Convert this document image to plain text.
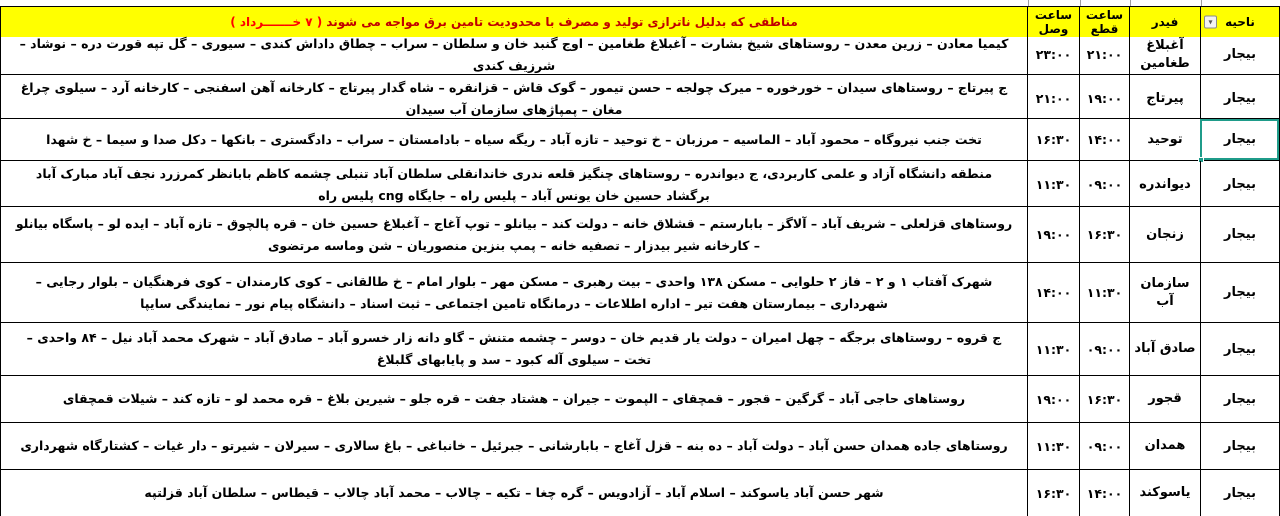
▾	ناحیه
فیدر
ساعت قطع
ساعت وصل
مناطقی که بدلیل ناترازی تولید و مصرف با محدودیت تامین برق مواجه می شوند
( ۷ خـــــــرداد )
بیجار
آغبلاغ طغامین
۲۱:۰۰
۲۳:۰۰
کیمیا معادن – زرین معدن – روستاهای شیخ بشارت – آغبلاغ طغامین – اوج گنبد خان و سلطان – سراب – چطاق داداش کندی – سیوری – گل تپه قورت دره – نوشاد – شرزیف کندی
بیجار
پیرتاج
۱۹:۰۰
۲۱:۰۰
ج پیرتاج – روستاهای سیدان – خورخوره – میرک چولجه – حسن تیمور – گوک قاش – قزانقره – شاه گدار پیرتاج – کارخانه آهن اسفنجی – کارخانه آرد – سیلوی چراغ مغان – پمپاژهای سازمان آب سیدان
بیجار
توحید
۱۴:۰۰
۱۶:۳۰
تخت جنب نیروگاه – محمود آباد – الماسیه – مرزبان – خ توحید – تازه آباد – ریگه سیاه – بادامستان – سراب – دادگستری – بانکها – دکل صدا و سیما – خ شهدا
بیجار
دیواندره
۰۹:۰۰
۱۱:۳۰
منطقه دانشگاه آزاد و علمی کاربردی، ج دیواندره – روستاهای چنگیز قلعه ندری خاندانقلی سلطان آباد تنبلی چشمه کاظم بابانظر کمرزرد نجف آباد مبارک آباد برگشاد حسین خان یونس آباد – پلیس راه – جایگاه cng پلیس راه
بیجار
زنجان
۱۶:۳۰
۱۹:۰۰
روستاهای قزلعلی – شریف آباد – آلاگز – بابارستم – قشلاق خانه – دولت کند – بیانلو – توپ آغاج – آغبلاغ حسین خان – قره پالچوق – تازه آباد – ایده لو – پاسگاه بیانلو – کارخانه شیر بیدزار – تصفیه خانه – پمپ بنزین منصوریان – شن وماسه مرتضوی
بیجار
سازمان آب
۱۱:۳۰
۱۴:۰۰
شهرک آفتاب ۱ و ۲ – فاز ۲ حلوایی – مسکن ۱۳۸ واحدی – بیت رهبری – مسکن مهر – بلوار امام – خ طالقانی – کوی کارمندان – کوی فرهنگیان – بلوار رجایی – شهرداری – بیمارستان هفت تیر – اداره اطلاعات – درمانگاه تامین اجتماعی – ثبت اسناد – دانشگاه پیام نور – نمایندگی سایپا
بیجار
صادق آباد
۰۹:۰۰
۱۱:۳۰
ج قروه – روستاهای برجگه – چهل امیران – دولت یار قدیم خان – دوسر – چشمه متنش – گاو دانه زار خسرو آباد – صادق آباد – شهرک محمد آباد نیل – ۸۴ واحدی – تخت – سیلوی آله کبود – سد و پایابهای گلبلاغ
بیجار
قجور
۱۶:۳۰
۱۹:۰۰
روستاهای حاجی آباد – گرگین – قجور – قمچقای – الپموت – جیران – هشتاد جفت – قره جلو – شیرین بلاغ – قره محمد لو – تازه کند – شیلات قمچقای
بیجار
همدان
۰۹:۰۰
۱۱:۳۰
روستاهای جاده همدان حسن آباد – دولت آباد – ده بنه – قزل آغاج – بابارشانی – جبرئیل – خانباغی – باغ سالاری – سیرلان – شیرتو – دار غیات – کشتارگاه شهرداری
بیجار
یاسوکند
۱۴:۰۰
۱۶:۳۰
شهر حسن آباد یاسوکند – اسلام آباد – آزادویس – گره چغا – تکیه – چالاب – محمد آباد چالاب – قیطاس – سلطان آباد قزلتپه
